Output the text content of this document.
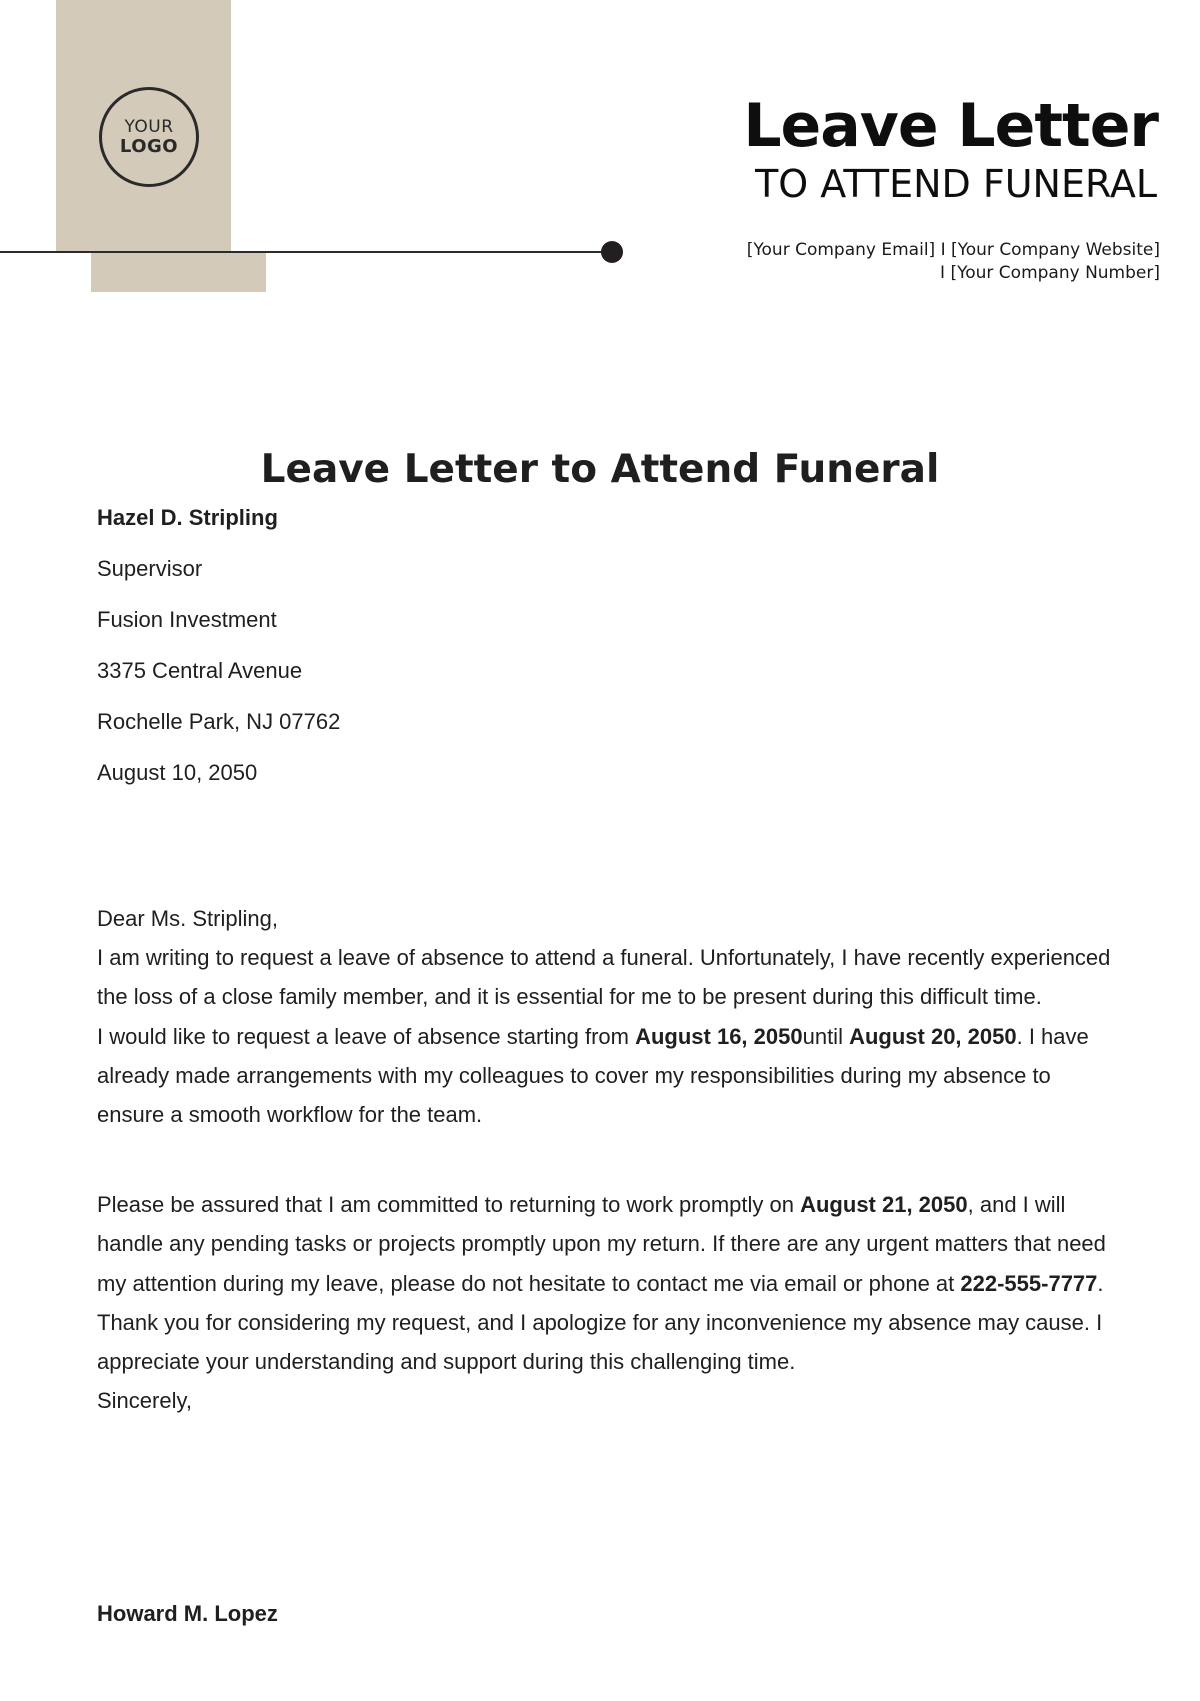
YOUR
LOGO	Leave Letter
TO ATTEND FUNERAL
[Your Company Email] I [Your Company Website]
I [Your Company Number]
Leave Letter to Attend Funeral
Hazel D. Stripling
Supervisor
Fusion Investment
3375 Central Avenue
Rochelle Park, NJ 07762
August 10, 2050

Dear Ms. Stripling,

I am writing to request a leave of absence to attend a funeral. Unfortunately, I have recently experienced the loss of a close family member, and it is essential for me to be present during this difficult time.

I would like to request a leave of absence starting from August 16, 2050until August 20, 2050. I have already made arrangements with my colleagues to cover my responsibilities during my absence to ensure a smooth workflow for the team.

Please be assured that I am committed to returning to work promptly on August 21, 2050, and I will handle any pending tasks or projects promptly upon my return. If there are any urgent matters that need my attention during my leave, please do not hesitate to contact me via email or phone at 222-555-7777.

Thank you for considering my request, and I apologize for any inconvenience my absence may cause. I appreciate your understanding and support during this challenging time.

Sincerely,

Howard M. Lopez
